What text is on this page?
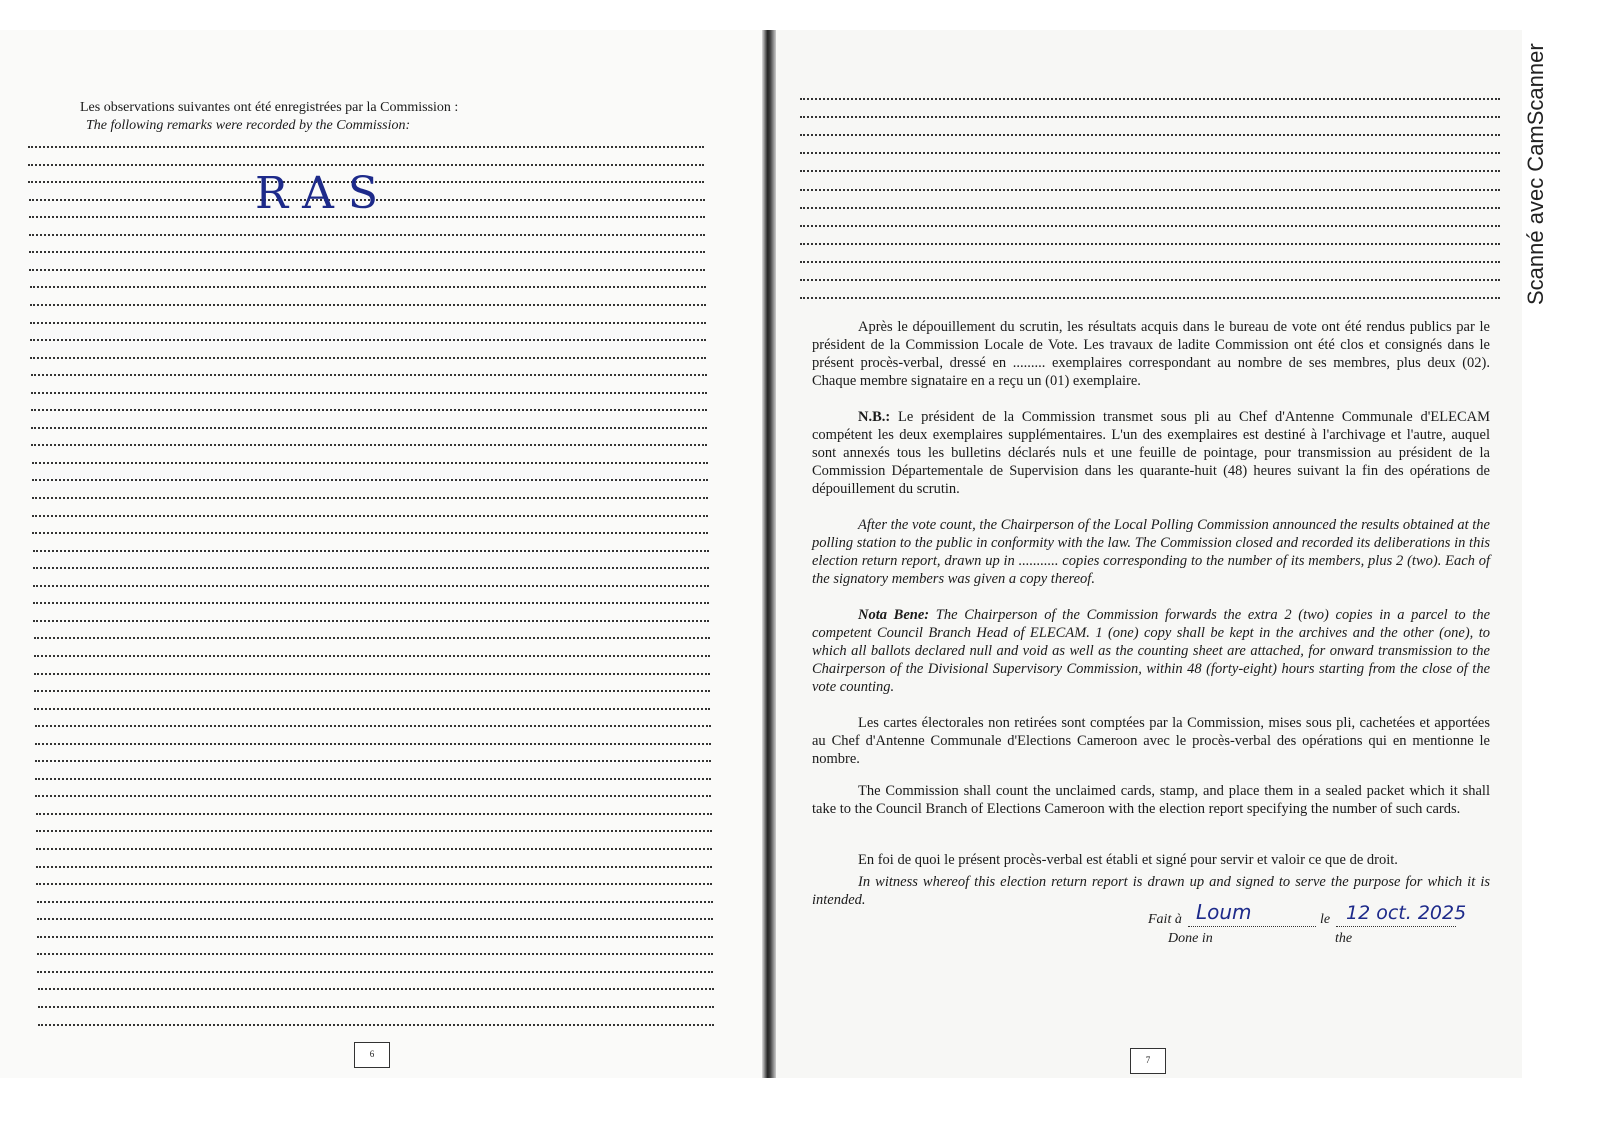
Les observations suivantes ont été enregistrées par la Commission :
The following remarks were recorded by the Commission:
RAS
6
Après le dépouillement du scrutin, les résultats acquis dans le bureau de vote ont été rendus publics par le président de la Commission Locale de Vote. Les travaux de ladite Commission ont été clos et consignés dans le présent procès-verbal, dressé en ......... exemplaires correspondant au nombre de ses membres, plus deux (02). Chaque membre signataire en a reçu un (01) exemplaire.
N.B.: Le président de la Commission transmet sous pli au Chef d'Antenne Communale d'ELECAM compétent les deux exemplaires supplémentaires. L'un des exemplaires est destiné à l'archivage et l'autre, auquel sont annexés tous les bulletins déclarés nuls et une feuille de pointage, pour transmission au président de la Commission Départementale de Supervision dans les quarante-huit (48) heures suivant la fin des opérations de dépouillement du scrutin.
After the vote count, the Chairperson of the Local Polling Commission announced the results obtained at the polling station to the public in conformity with the law. The Commission closed and recorded its deliberations in this election return report, drawn up in ........... copies corresponding to the number of its members, plus 2 (two). Each of the signatory members was given a copy thereof.
Nota Bene: The Chairperson of the Commission forwards the extra 2 (two) copies in a parcel to the competent Council Branch Head of ELECAM. 1 (one) copy shall be kept in the archives and the other (one), to which all ballots declared null and void as well as the counting sheet are attached, for onward transmission to the Chairperson of the Divisional Supervisory Commission, within 48 (forty-eight) hours starting from the close of the vote counting.
Les cartes électorales non retirées sont comptées par la Commission, mises sous pli, cachetées et apportées au Chef d'Antenne Communale d'Elections Cameroon avec le procès-verbal des opérations qui en mentionne le nombre.
The Commission shall count the unclaimed cards, stamp, and place them in a sealed packet which it shall take to the Council Branch of Elections Cameroon with the election report specifying the number of such cards.
En foi de quoi le présent procès-verbal est établi et signé pour servir et valoir ce que de droit.
In witness whereof this election return report is drawn up and signed to serve the purpose for which it is intended.
Fait à Loum	le 12 oct. 2025
Done in	the
7
Scanné avec CamScanner
